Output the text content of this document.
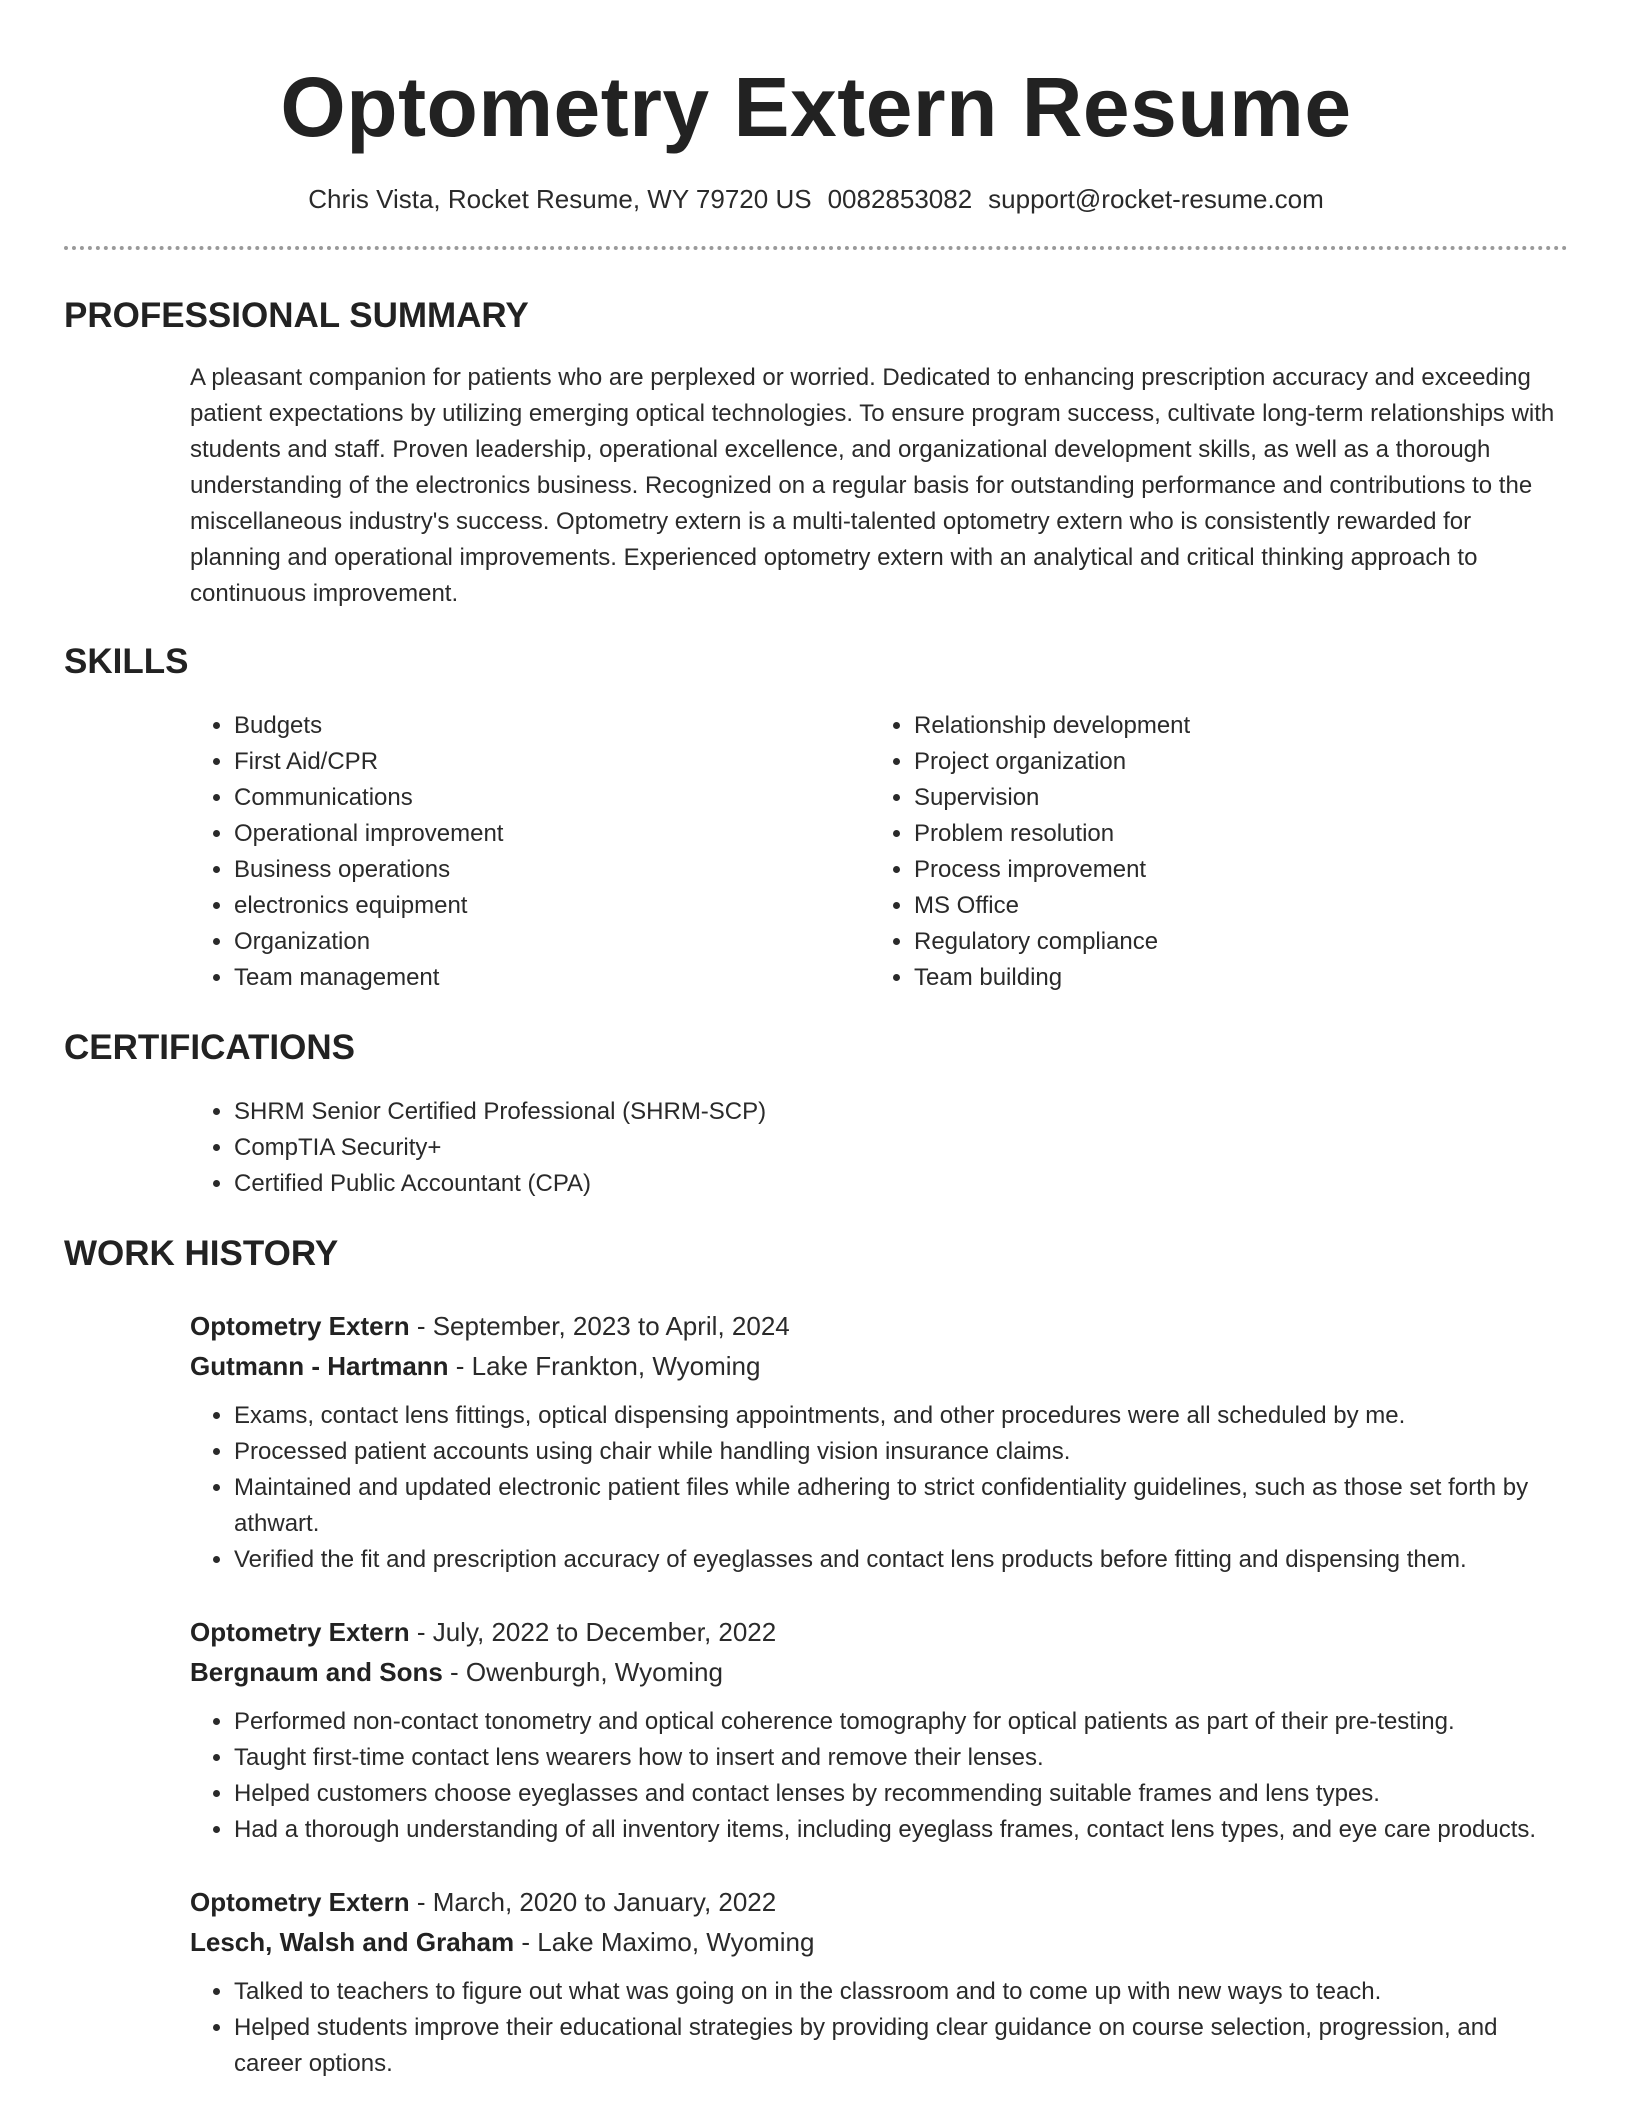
Optometry Extern Resume
Chris Vista, Rocket Resume, WY 79720 US 0082853082 support@rocket-resume.com
PROFESSIONAL SUMMARY

A pleasant companion for patients who are perplexed or worried. Dedicated to enhancing prescription accuracy and exceeding patient expectations by utilizing emerging optical technologies. To ensure program success, cultivate long-term relationships with students and staff. Proven leadership, operational excellence, and organizational development skills, as well as a thorough understanding of the electronics business. Recognized on a regular basis for outstanding performance and contributions to the miscellaneous industry's success. Optometry extern is a multi-talented optometry extern who is consistently rewarded for planning and operational improvements. Experienced optometry extern with an analytical and critical thinking approach to continuous improvement.

SKILLS
• Budgets
• First Aid/CPR
• Communications
• Operational improvement
• Business operations
• electronics equipment
• Organization
• Team management
• Relationship development
• Project organization
• Supervision
• Problem resolution
• Process improvement
• MS Office
• Regulatory compliance
• Team building
CERTIFICATIONS
• SHRM Senior Certified Professional (SHRM-SCP)
• CompTIA Security+
• Certified Public Accountant (CPA)
WORK HISTORY
Optometry Extern - September, 2023 to April, 2024
Gutmann - Hartmann - Lake Frankton, Wyoming
• Exams, contact lens fittings, optical dispensing appointments, and other procedures were all scheduled by me.
• Processed patient accounts using chair while handling vision insurance claims.
• Maintained and updated electronic patient files while adhering to strict confidentiality guidelines, such as those set forth by athwart.
• Verified the fit and prescription accuracy of eyeglasses and contact lens products before fitting and dispensing them.
Optometry Extern - July, 2022 to December, 2022
Bergnaum and Sons - Owenburgh, Wyoming
• Performed non-contact tonometry and optical coherence tomography for optical patients as part of their pre-testing.
• Taught first-time contact lens wearers how to insert and remove their lenses.
• Helped customers choose eyeglasses and contact lenses by recommending suitable frames and lens types.
• Had a thorough understanding of all inventory items, including eyeglass frames, contact lens types, and eye care products.
Optometry Extern - March, 2020 to January, 2022
Lesch, Walsh and Graham - Lake Maximo, Wyoming
• Talked to teachers to figure out what was going on in the classroom and to come up with new ways to teach.
• Helped students improve their educational strategies by providing clear guidance on course selection, progression, and career options.
